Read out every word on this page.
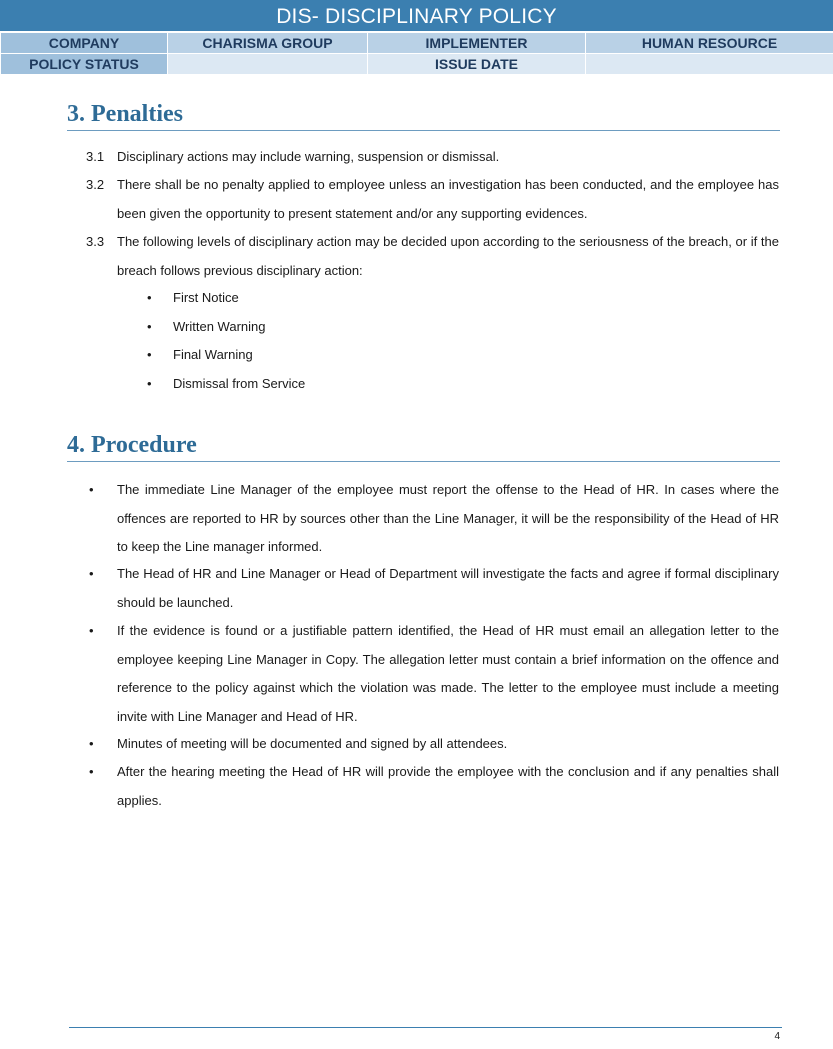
DIS- DISCIPLINARY POLICY
COMPANY	CHARISMA GROUP	IMPLEMENTER	HUMAN RESOURCE
POLICY STATUS		ISSUE DATE	
3. Penalties
3.1 Disciplinary actions may include warning, suspension or dismissal.
3.2 There shall be no penalty applied to employee unless an investigation has been conducted, and the employee has been given the opportunity to present statement and/or any supporting evidences.
3.3 The following levels of disciplinary action may be decided upon according to the seriousness of the breach, or if the breach follows previous disciplinary action:
• First Notice
• Written Warning
• Final Warning
• Dismissal from Service
4. Procedure
• The immediate Line Manager of the employee must report the offense to the Head of HR. In cases where the offences are reported to HR by sources other than the Line Manager, it will be the responsibility of the Head of HR to keep the Line manager informed.
• The Head of HR and Line Manager or Head of Department will investigate the facts and agree if formal disciplinary should be launched.
• If the evidence is found or a justifiable pattern identified, the Head of HR must email an allegation letter to the employee keeping Line Manager in Copy. The allegation letter must contain a brief information on the offence and reference to the policy against which the violation was made. The letter to the employee must include a meeting invite with Line Manager and Head of HR.
• Minutes of meeting will be documented and signed by all attendees.
• After the hearing meeting the Head of HR will provide the employee with the conclusion and if any penalties shall applies.
4
